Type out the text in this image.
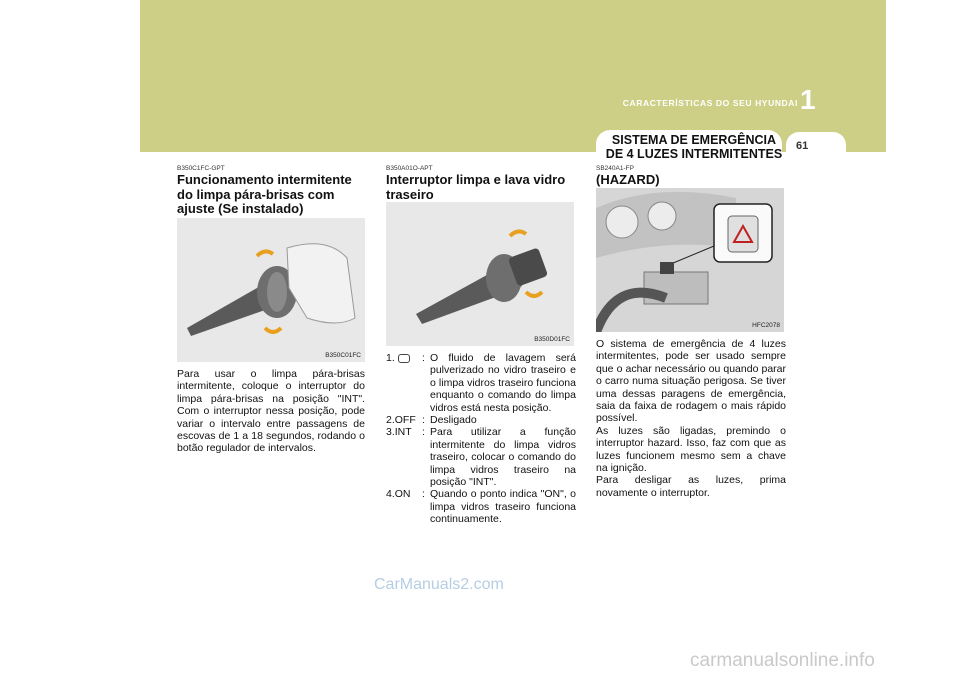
CARACTERÍSTICAS DO SEU HYUNDAI 1
61
SISTEMA DE EMERGÊNCIA DE 4 LUZES INTERMITENTES
B350C1FC-GPT
Funcionamento intermitente do limpa pára-brisas com ajuste (Se instalado)
B350C01FC
Para usar o limpa pára-brisas intermitente, coloque o interruptor do limpa pára-brisas na posição "INT". Com o interruptor nessa posição, pode variar o intervalo entre passagens de escovas de 1 a 18 segundos, rodando o botão regulador de intervalos.
B350A01O-APT
Interruptor limpa e lava vidro traseiro
B350D01FC
1.	: O fluido de lavagem será pulverizado no vidro traseiro e o limpa vidros traseiro funciona enquanto o comando do limpa vidros está nesta posição.
2.OFF : Desligado
3.INT : Para utilizar a função intermitente do limpa vidros traseiro, colocar o comando do limpa vidros traseiro na posição "INT".
4.ON	: Quando o ponto indica "ON", o limpa vidros traseiro funciona continuamente.
SB240A1-FP
(HAZARD)
HFC2078
O sistema de emergência de 4 luzes intermitentes, pode ser usado sempre que o achar necessário ou quando parar o carro numa situação perigosa. Se tiver uma dessas paragens de emergência, saia da faixa de rodagem o mais rápido possível.
As luzes são ligadas, premindo o interruptor hazard. Isso, faz com que as luzes funcionem mesmo sem a chave na ignição.
Para desligar as luzes, prima novamente o interruptor.
CarManuals2.com
carmanualsonline.info
